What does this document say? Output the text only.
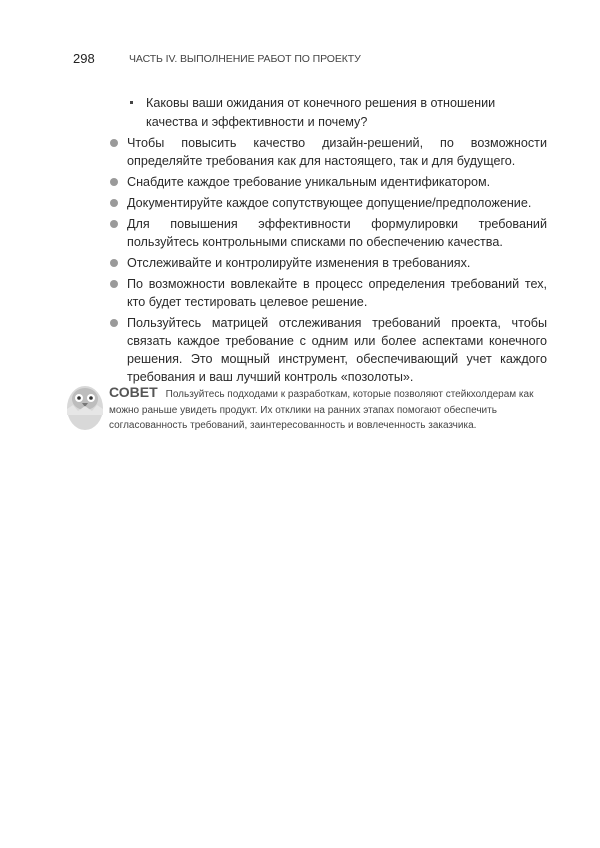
298	ЧАСТЬ IV. ВЫПОЛНЕНИЕ РАБОТ ПО ПРОЕКТУ
Каковы ваши ожидания от конечного решения в отношении качества и эффективности и почему?
Чтобы повысить качество дизайн-решений, по возможности определяйте требования как для настоящего, так и для будущего.
Снабдите каждое требование уникальным идентификатором.
Документируйте каждое сопутствующее допущение/предположение.
Для повышения эффективности формулировки требований пользуйтесь контрольными списками по обеспечению качества.
Отслеживайте и контролируйте изменения в требованиях.
По возможности вовлекайте в процесс определения требований тех, кто будет тестировать целевое решение.
Пользуйтесь матрицей отслеживания требований проекта, чтобы связать каждое требование с одним или более аспектами конечного решения. Это мощный инструмент, обеспечивающий учет каждого требования и ваш лучший контроль «позолоты».
СОВЕТ Пользуйтесь подходами к разработкам, которые позволяют стейкхолдерам как можно раньше увидеть продукт. Их отклики на ранних этапах помогают обеспечить согласованность требований, заинтересованность и вовлеченность заказчика.
